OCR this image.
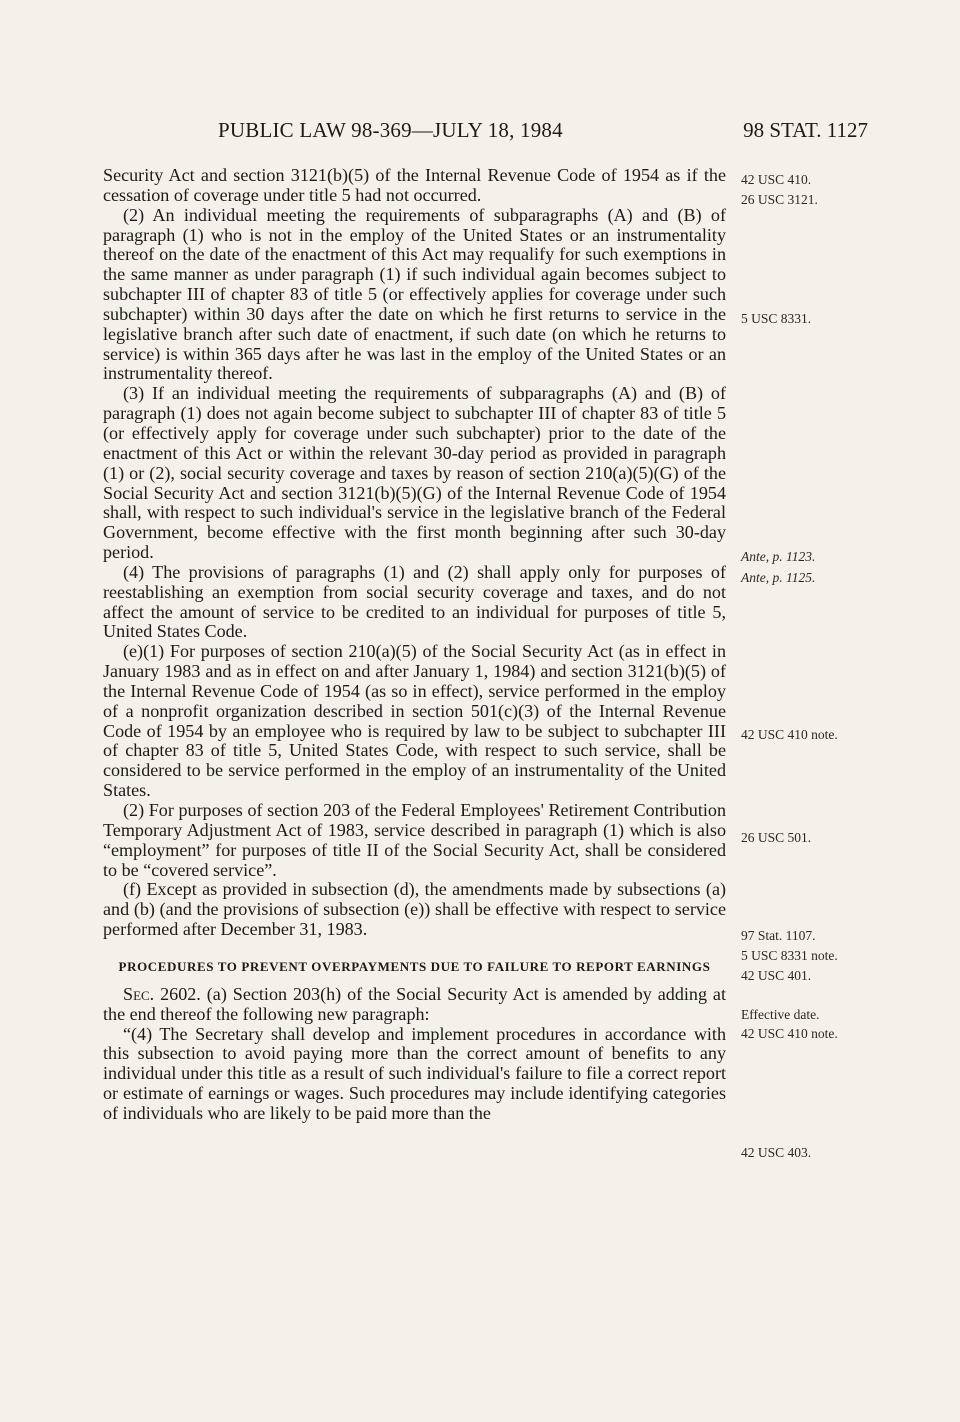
PUBLIC LAW 98-369—JULY 18, 1984	98 STAT. 1127

Security Act and section 3121(b)(5) of the Internal Revenue Code of 1954 as if the cessation of coverage under title 5 had not occurred.

(2) An individual meeting the requirements of subparagraphs (A) and (B) of paragraph (1) who is not in the employ of the United States or an instrumentality thereof on the date of the enactment of this Act may requalify for such exemptions in the same manner as under paragraph (1) if such individual again becomes subject to subchapter III of chapter 83 of title 5 (or effectively applies for coverage under such subchapter) within 30 days after the date on which he first returns to service in the legislative branch after such date of enactment, if such date (on which he returns to service) is within 365 days after he was last in the employ of the United States or an instrumentality thereof.

(3) If an individual meeting the requirements of subparagraphs (A) and (B) of paragraph (1) does not again become subject to subchapter III of chapter 83 of title 5 (or effectively apply for coverage under such subchapter) prior to the date of the enactment of this Act or within the relevant 30-day period as provided in paragraph (1) or (2), social security coverage and taxes by reason of section 210(a)(5)(G) of the Social Security Act and section 3121(b)(5)(G) of the Internal Revenue Code of 1954 shall, with respect to such individual's service in the legislative branch of the Federal Government, become effective with the first month beginning after such 30-day period.

(4) The provisions of paragraphs (1) and (2) shall apply only for purposes of reestablishing an exemption from social security coverage and taxes, and do not affect the amount of service to be credited to an individual for purposes of title 5, United States Code.

(e)(1) For purposes of section 210(a)(5) of the Social Security Act (as in effect in January 1983 and as in effect on and after January 1, 1984) and section 3121(b)(5) of the Internal Revenue Code of 1954 (as so in effect), service performed in the employ of a nonprofit organization described in section 501(c)(3) of the Internal Revenue Code of 1954 by an employee who is required by law to be subject to subchapter III of chapter 83 of title 5, United States Code, with respect to such service, shall be considered to be service performed in the employ of an instrumentality of the United States.

(2) For purposes of section 203 of the Federal Employees' Retirement Contribution Temporary Adjustment Act of 1983, service described in paragraph (1) which is also “employment” for purposes of title II of the Social Security Act, shall be considered to be “covered service”.

(f) Except as provided in subsection (d), the amendments made by subsections (a) and (b) (and the provisions of subsection (e)) shall be effective with respect to service performed after December 31, 1983.

PROCEDURES TO PREVENT OVERPAYMENTS DUE TO FAILURE TO REPORT EARNINGS

Sec. 2602. (a) Section 203(h) of the Social Security Act is amended by adding at the end thereof the following new paragraph:

“(4) The Secretary shall develop and implement procedures in accordance with this subsection to avoid paying more than the correct amount of benefits to any individual under this title as a result of such individual's failure to file a correct report or estimate of earnings or wages. Such procedures may include identifying categories of individuals who are likely to be paid more than the

42 USC 410.
26 USC 3121.
5 USC 8331.
Ante, p. 1123.
Ante, p. 1125.
42 USC 410 note.
26 USC 501.
97 Stat. 1107.
5 USC 8331 note.
42 USC 401.
Effective date.
42 USC 410 note.
42 USC 403.
